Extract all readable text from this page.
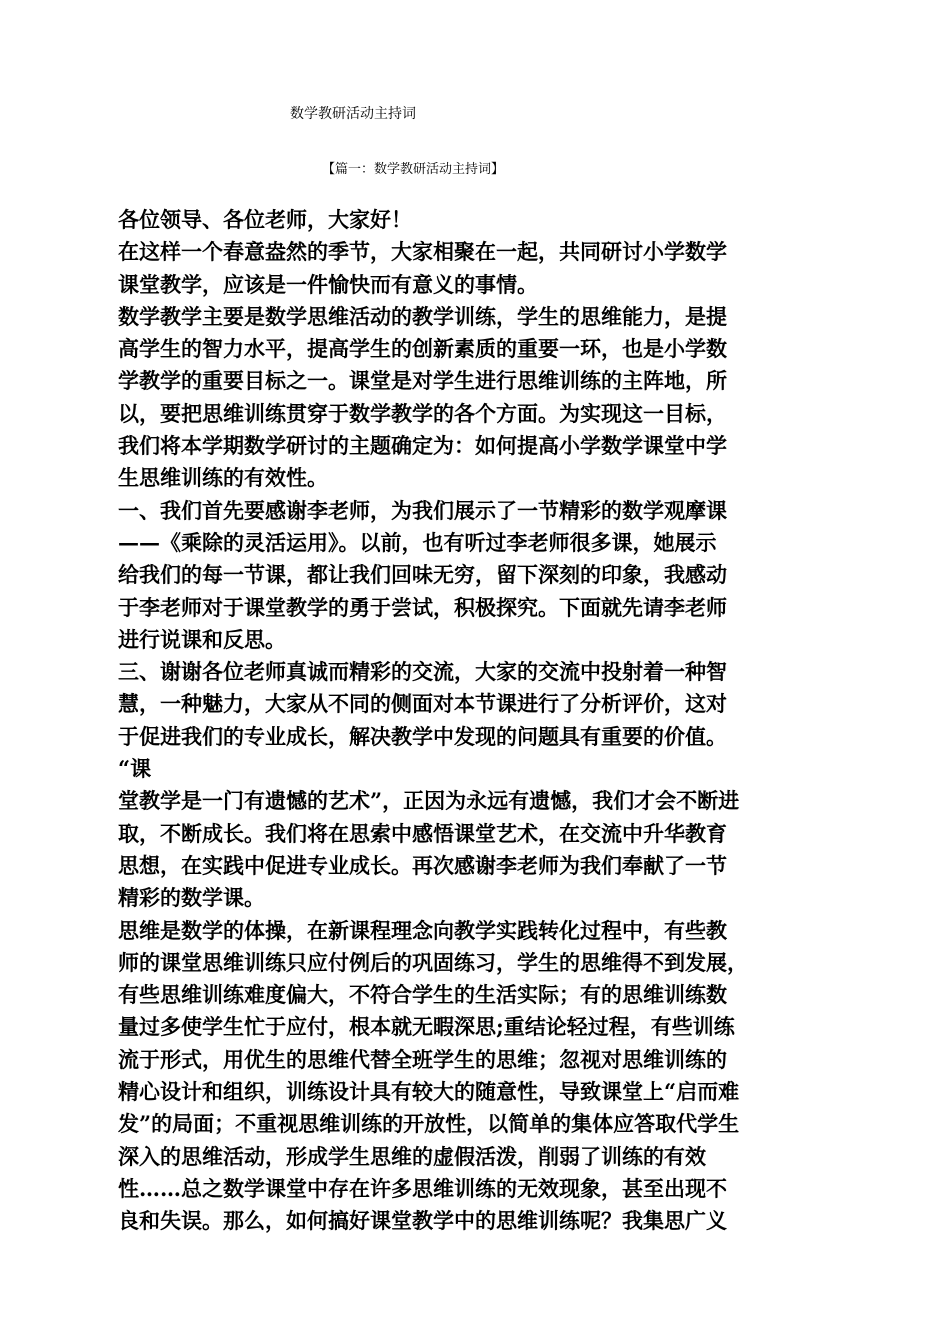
数学教研活动主持词
【篇一：数学教研活动主持词】
各位领导、各位老师，大家好！
在这样一个春意盎然的季节，大家相聚在一起，共同研讨小学数学
课堂教学，应该是一件愉快而有意义的事情。
数学教学主要是数学思维活动的教学训练，学生的思维能力，是提
高学生的智力水平，提高学生的创新素质的重要一环，也是小学数
学教学的重要目标之一。课堂是对学生进行思维训练的主阵地，所
以，要把思维训练贯穿于数学教学的各个方面。为实现这一目标，
我们将本学期数学研讨的主题确定为：如何提高小学数学课堂中学
生思维训练的有效性。
一、我们首先要感谢李老师，为我们展示了一节精彩的数学观摩课
——《乘除的灵活运用》。以前，也有听过李老师很多课，她展示
给我们的每一节课，都让我们回味无穷，留下深刻的印象，我感动
于李老师对于课堂教学的勇于尝试，积极探究。下面就先请李老师
进行说课和反思。
三、谢谢各位老师真诚而精彩的交流，大家的交流中投射着一种智
慧，一种魅力，大家从不同的侧面对本节课进行了分析评价，这对
于促进我们的专业成长，解决教学中发现的问题具有重要的价值。
“课
堂教学是一门有遗憾的艺术”，正因为永远有遗憾，我们才会不断进
取，不断成长。我们将在思索中感悟课堂艺术，在交流中升华教育
思想，在实践中促进专业成长。再次感谢李老师为我们奉献了一节
精彩的数学课。
思维是数学的体操，在新课程理念向教学实践转化过程中，有些教
师的课堂思维训练只应付例后的巩固练习，学生的思维得不到发展，
有些思维训练难度偏大，不符合学生的生活实际；有的思维训练数
量过多使学生忙于应付，根本就无暇深思;重结论轻过程，有些训练
流于形式，用优生的思维代替全班学生的思维；忽视对思维训练的
精心设计和组织，训练设计具有较大的随意性，导致课堂上“启而难
发”的局面；不重视思维训练的开放性，以简单的集体应答取代学生
深入的思维活动，形成学生思维的虚假活泼，削弱了训练的有效
性……总之数学课堂中存在许多思维训练的无效现象，甚至出现不
良和失误。那么，如何搞好课堂教学中的思维训练呢？我集思广义
